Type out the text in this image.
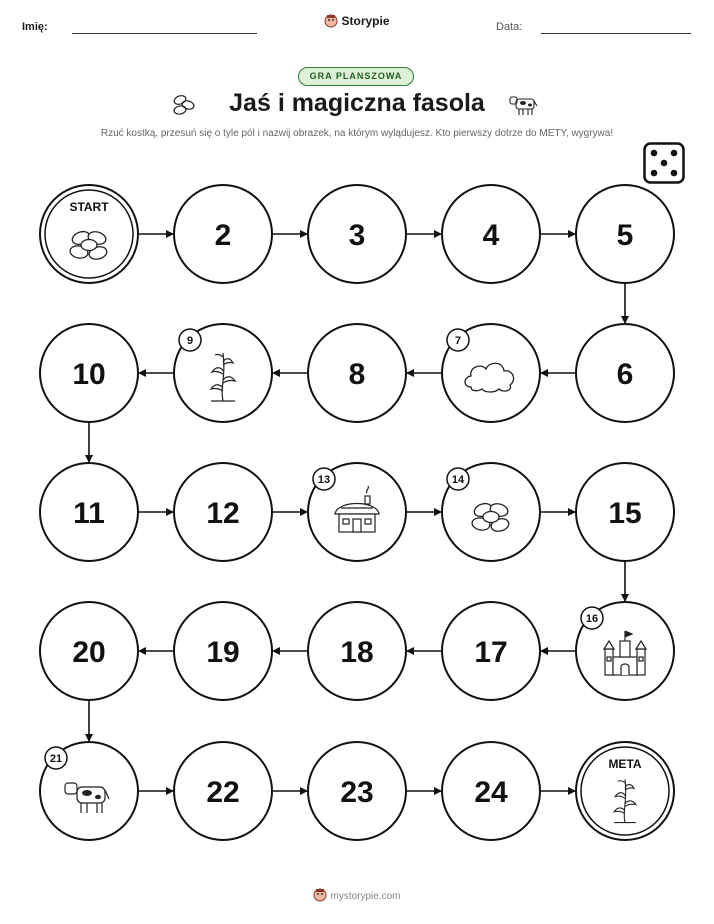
Imię:	Storypie	Data:
GRA PLANSZOWA
Jaś i magiczna fasola
Rzuć kostką, przesuń się o tyle pól i nazwij obrazek, na którym wylądujesz. Kto pierwszy dotrze do METY, wygrywa!
START
2	3	4	5
6
7
8
9
10
11	12
13	14
15
16
17
18
19
20
21
22	23	24
META
mystorypie.com
